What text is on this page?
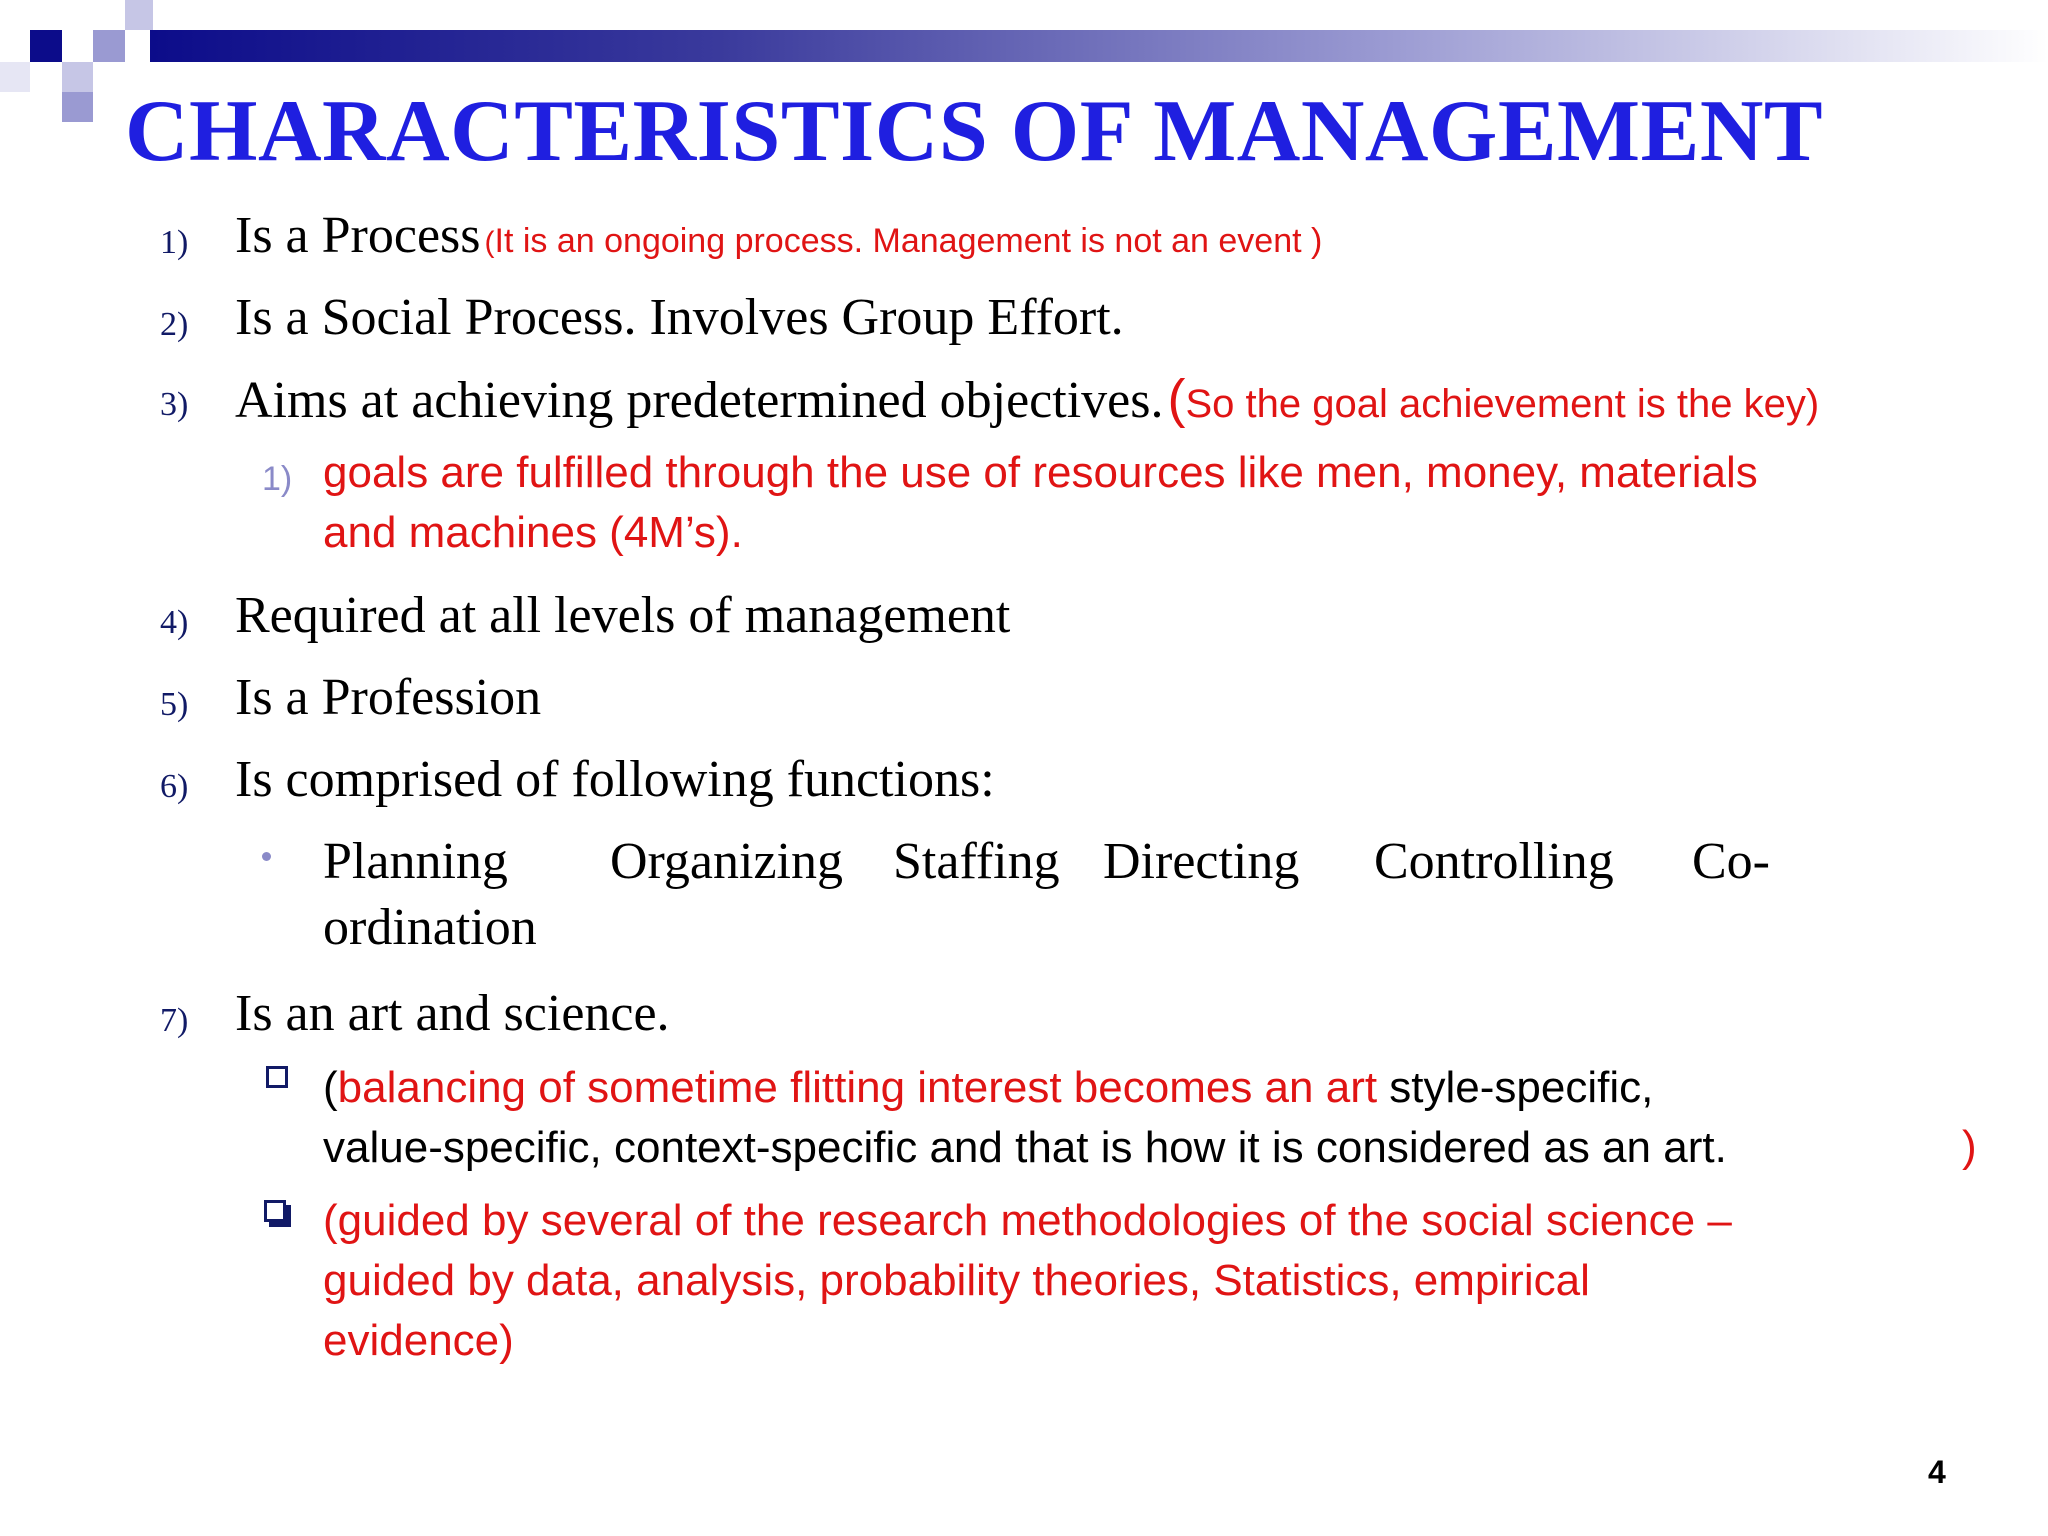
CHARACTERISTICS OF MANAGEMENT
1) Is a Process (It is an ongoing process. Management is not an event )
2) Is a Social Process. Involves Group Effort.
3) Aims at achieving predetermined objectives. (So the goal achievement is the key)
1) goals are fulfilled through the use of resources like men, money, materials
and machines (4M’s).
4) Required at all levels of management
5) Is a Profession
6) Is comprised of following functions:
Planning Organizing Staffing Directing Controlling Co-
ordination
7) Is an art and science.
(balancing of sometime flitting interest becomes an art style-specific,
value-specific, context-specific and that is how it is considered as an art.	)
(guided by several of the research methodologies of the social science –
guided by data, analysis, probability theories, Statistics, empirical
evidence)
4
